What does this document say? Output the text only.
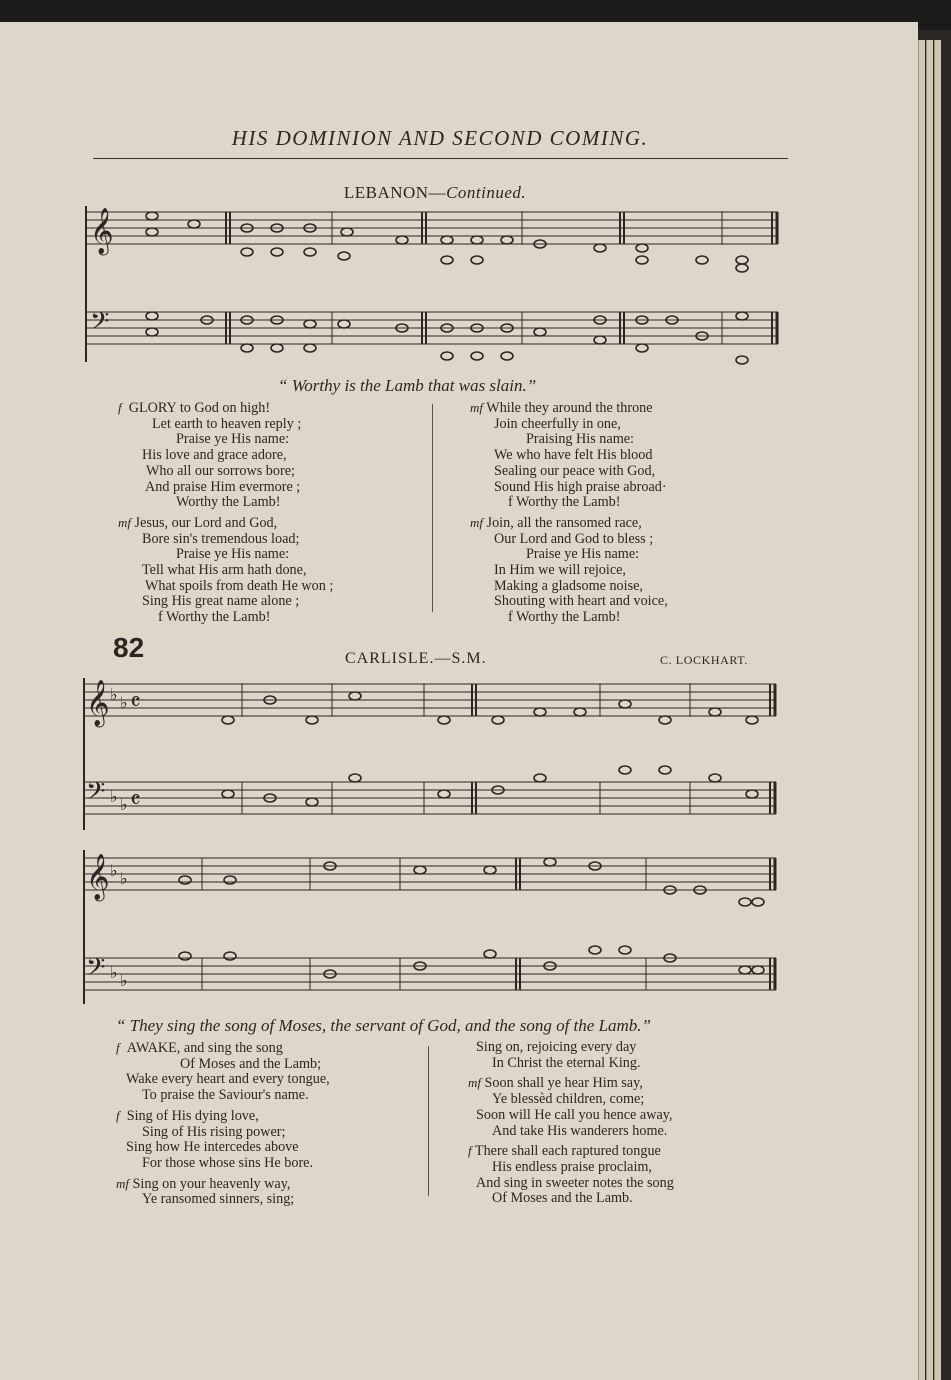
HIS DOMINION AND SECOND COMING.
LEBANON—Continued.
𝄞
𝄢
“ Worthy is the Lamb that was slain.”
f GLORY to God on high!
Let earth to heaven reply ;
Praise ye His name:
His love and grace adore,
Who all our sorrows bore;
And praise Him evermore ;
Worthy the Lamb!
mf Jesus, our Lord and God,
Bore sin's tremendous load;
Praise ye His name:
Tell what His arm hath done,
What spoils from death He won ;
Sing His great name alone ;
f Worthy the Lamb!
mf While they around the throne
Join cheerfully in one,
Praising His name:
We who have felt His blood
Sealing our peace with God,
Sound His high praise abroad·
f Worthy the Lamb!
mf Join, all the ransomed race,
Our Lord and God to bless ;
Praise ye His name:
In Him we will rejoice,
Making a gladsome noise,
Shouting with heart and voice,
f Worthy the Lamb!
82	CARLISLE.—S.M.	C. LOCKHART.
𝄞 ♭ ♭ 𝄴
𝄢 ♭ ♭ 𝄴
𝄞 ♭ ♭
𝄢 ♭ ♭
“ They sing the song of Moses, the servant of God, and the song of the Lamb.”
f AWAKE, and sing the song
Of Moses and the Lamb;
Wake every heart and every tongue,
To praise the Saviour's name.
f Sing of His dying love,
Sing of His rising power;
Sing how He intercedes above
For those whose sins He bore.
mf Sing on your heavenly way,
Ye ransomed sinners, sing;
Sing on, rejoicing every day
In Christ the eternal King.
mf Soon shall ye hear Him say,
Ye blessèd children, come;
Soon will He call you hence away,
And take His wanderers home.
f There shall each raptured tongue
His endless praise proclaim,
And sing in sweeter notes the song
Of Moses and the Lamb.
